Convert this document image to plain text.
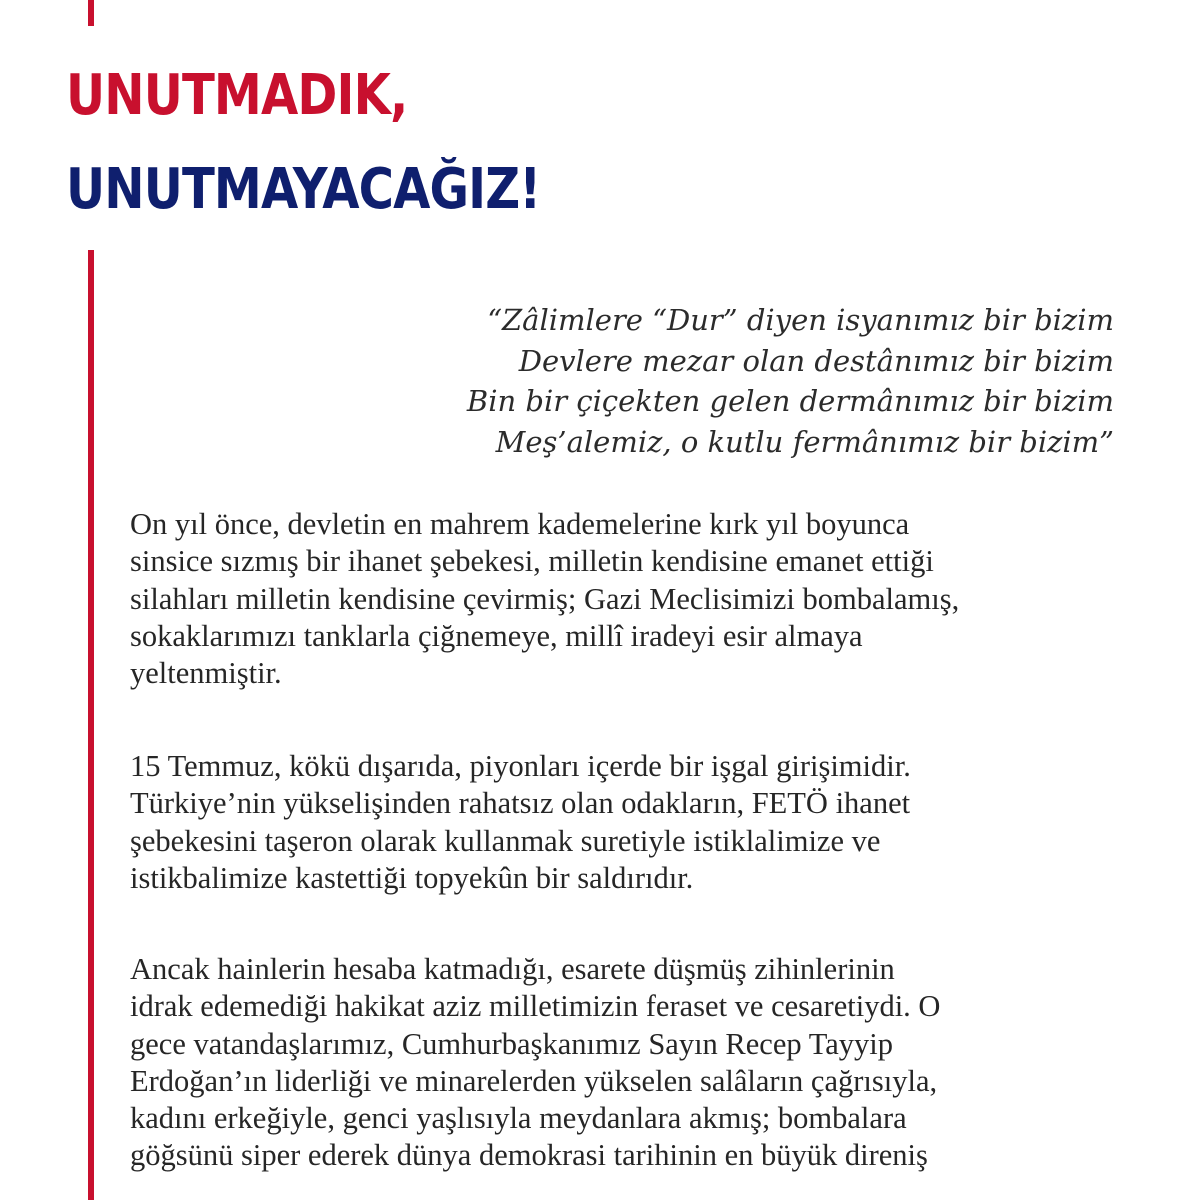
UNUTMADIK,
UNUTMAYACAĞIZ!
“Zâlimlere “Dur” diyen isyanımız bir bizim
Devlere mezar olan destânımız bir bizim
Bin bir çiçekten gelen dermânımız bir bizim
Meş’alemiz, o kutlu fermânımız bir bizim”
On yıl önce, devletin en mahrem kademelerine kırk yıl boyunca
sinsice sızmış bir ihanet şebekesi, milletin kendisine emanet ettiği
silahları milletin kendisine çevirmiş; Gazi Meclisimizi bombalamış,
sokaklarımızı tanklarla çiğnemeye, millî iradeyi esir almaya
yeltenmiştir.
15 Temmuz, kökü dışarıda, piyonları içerde bir işgal girişimidir.
Türkiye’nin yükselişinden rahatsız olan odakların, FETÖ ihanet
şebekesini taşeron olarak kullanmak suretiyle istiklalimize ve
istikbalimize kastettiği topyekûn bir saldırıdır.
Ancak hainlerin hesaba katmadığı, esarete düşmüş zihinlerinin
idrak edemediği hakikat aziz milletimizin feraset ve cesaretiydi. O
gece vatandaşlarımız, Cumhurbaşkanımız Sayın Recep Tayyip
Erdoğan’ın liderliği ve minarelerden yükselen salâların çağrısıyla,
kadını erkeğiyle, genci yaşlısıyla meydanlara akmış; bombalara
göğsünü siper ederek dünya demokrasi tarihinin en büyük direniş
